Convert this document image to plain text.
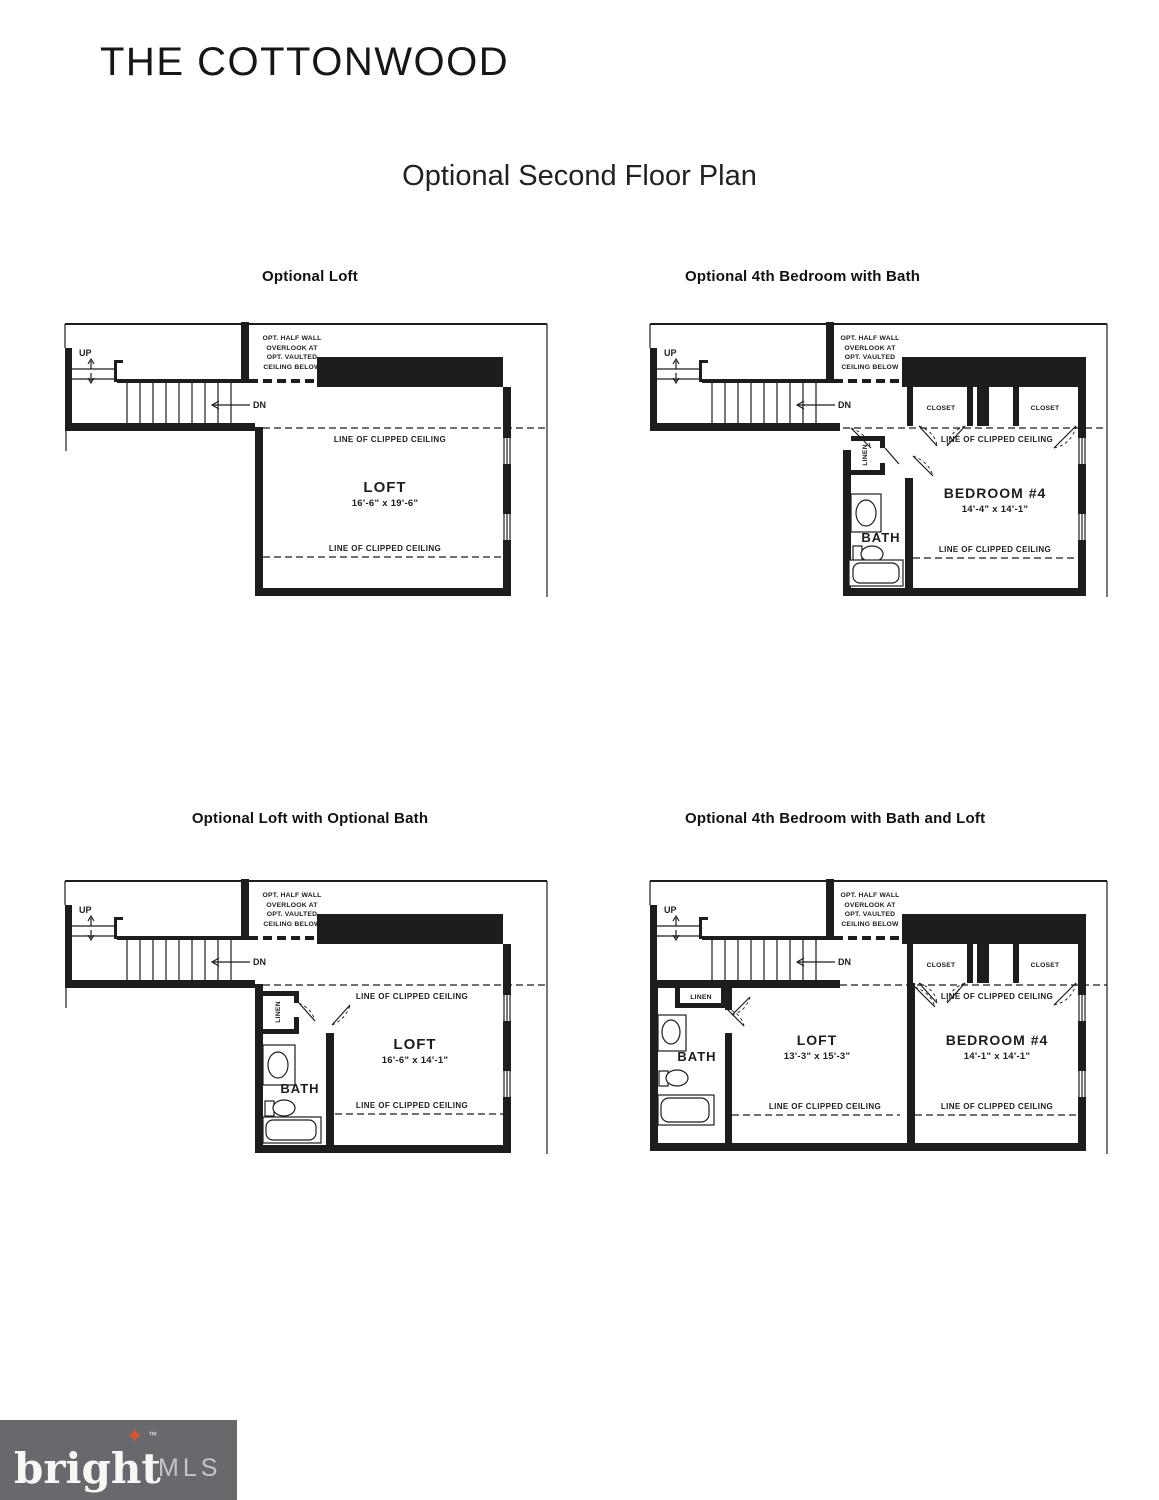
THE COTTONWOOD
Optional Second Floor Plan
Optional Loft
LINE OF CLIPPED CEILING
LOFT
16'-6" x 19'-6"
LINE OF CLIPPED CEILING
Optional 4th Bedroom with Bath
CLOSET	CLOSET
LINEN
BATH
LINE OF CLIPPED CEILING
BEDROOM #4
14'-4" x 14'-1"
LINE OF CLIPPED CEILING
Optional Loft with Optional Bath
LINEN
BATH
LINE OF CLIPPED CEILING
LOFT
16'-6" x 14'-1"
LINE OF CLIPPED CEILING
Optional 4th Bedroom with Bath and Loft
CLOSET	CLOSET
LINEN
BATH
LINE OF CLIPPED CEILING
LOFT
13'-3" x 15'-3"
BEDROOM #4
14'-1" x 14'-1"
LINE OF CLIPPED CEILING	LINE OF CLIPPED CEILING
bright
✦ ™
MLS
